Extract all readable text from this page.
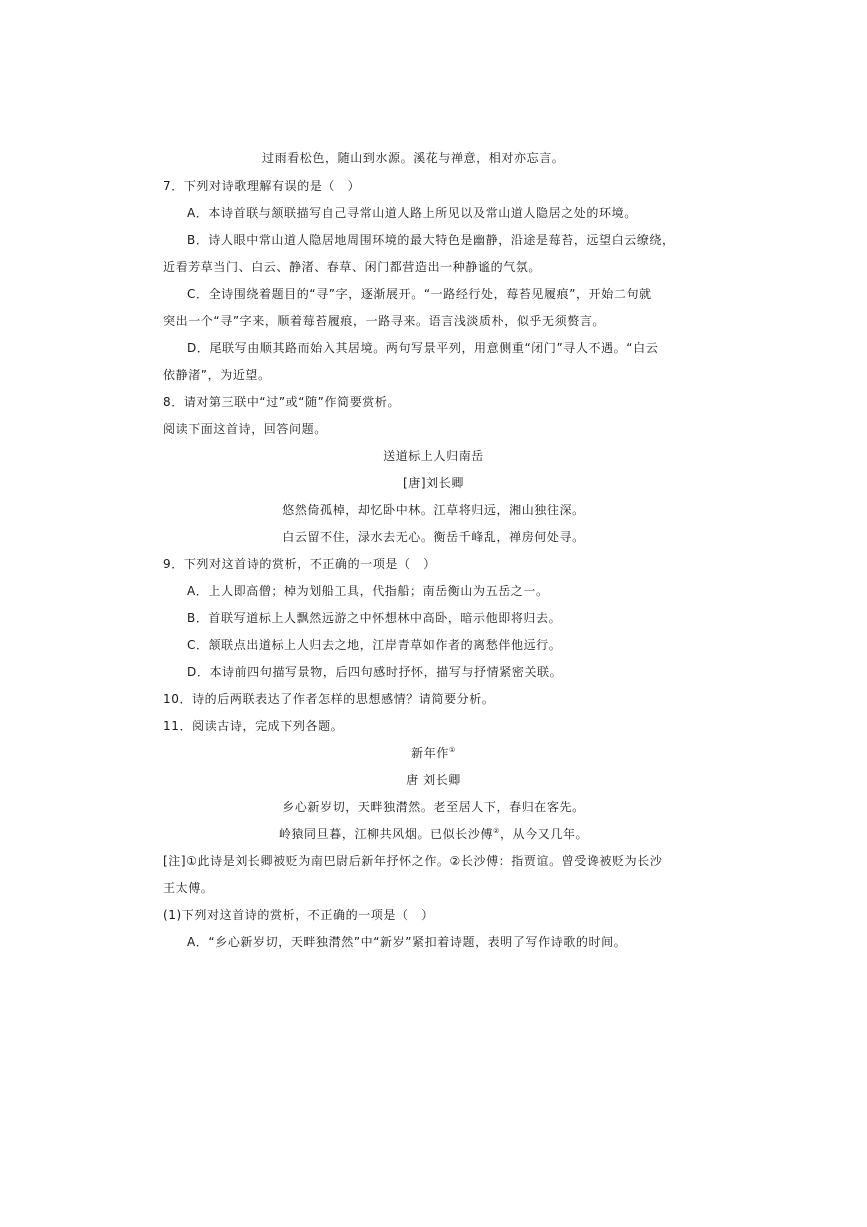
过雨看松色，随山到水源。溪花与禅意，相对亦忘言。
7．下列对诗歌理解有误的是（　）
A．本诗首联与颔联描写自己寻常山道人路上所见以及常山道人隐居之处的环境。
B．诗人眼中常山道人隐居地周围环境的最大特色是幽静，沿途是莓苔，远望白云缭绕，
近看芳草当门、白云、静渚、春草、闲门都营造出一种静谧的气氛。
C．全诗围绕着题目的“寻”字，逐渐展开。“一路经行处，莓苔见履痕”，开始二句就
突出一个“寻”字来，顺着莓苔履痕，一路寻来。语言浅淡质朴，似乎无须赘言。
D．尾联写由顺其路而始入其居境。两句写景平列，用意侧重“闭门”寻人不遇。“白云
依静渚”，为近望。
8．请对第三联中“过”或“随”作简要赏析。
阅读下面这首诗，回答问题。
送道标上人归南岳
[唐]刘长卿
悠然倚孤棹，却忆卧中林。江草将归远，湘山独往深。
白云留不住，渌水去无心。衡岳千峰乱，禅房何处寻。
9．下列对这首诗的赏析，不正确的一项是（　）
A．上人即高僧；棹为划船工具，代指船；南岳衡山为五岳之一。
B．首联写道标上人飘然远游之中怀想林中高卧，暗示他即将归去。
C．颔联点出道标上人归去之地，江岸青草如作者的离愁伴他远行。
D．本诗前四句描写景物，后四句感时抒怀，描写与抒情紧密关联。
10．诗的后两联表达了作者怎样的思想感情？请简要分析。
11．阅读古诗，完成下列各题。
新年作①
唐 刘长卿
乡心新岁切，天畔独潸然。老至居人下，春归在客先。
岭猿同旦暮，江柳共风烟。已似长沙傅②，从今又几年。
[注]①此诗是刘长卿被贬为南巴尉后新年抒怀之作。②长沙傅：指贾谊。曾受谗被贬为长沙
王太傅。
(1)下列对这首诗的赏析，不正确的一项是（　）
A．“乡心新岁切，天畔独潸然”中“新岁”紧扣着诗题，表明了写作诗歌的时间。
